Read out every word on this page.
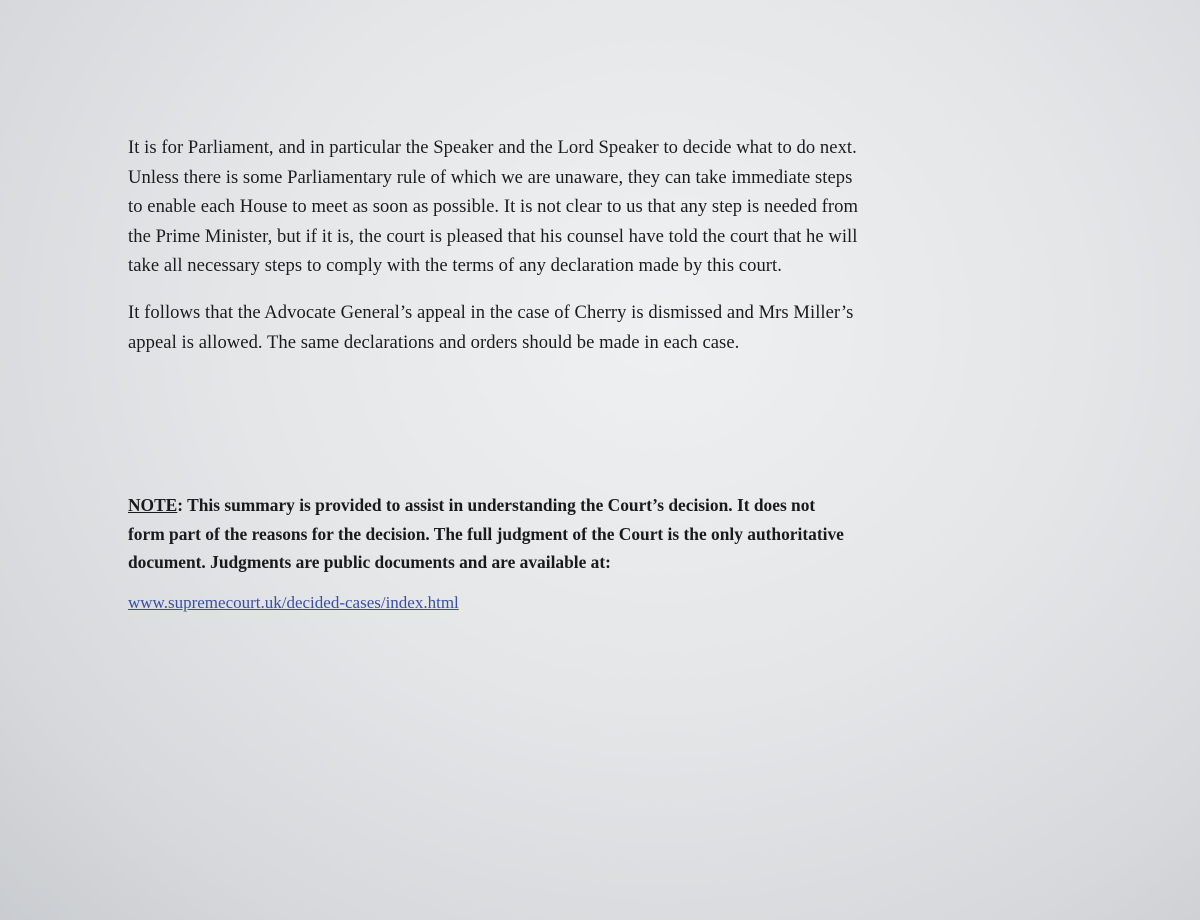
It is for Parliament, and in particular the Speaker and the Lord Speaker to decide what to do next.
Unless there is some Parliamentary rule of which we are unaware, they can take immediate steps
to enable each House to meet as soon as possible. It is not clear to us that any step is needed from
the Prime Minister, but if it is, the court is pleased that his counsel have told the court that he will
take all necessary steps to comply with the terms of any declaration made by this court.
It follows that the Advocate General’s appeal in the case of Cherry is dismissed and Mrs Miller’s
appeal is allowed. The same declarations and orders should be made in each case.
NOTE: This summary is provided to assist in understanding the Court’s decision. It does not
form part of the reasons for the decision. The full judgment of the Court is the only authoritative
document. Judgments are public documents and are available at:
www.supremecourt.uk/decided-cases/index.html
